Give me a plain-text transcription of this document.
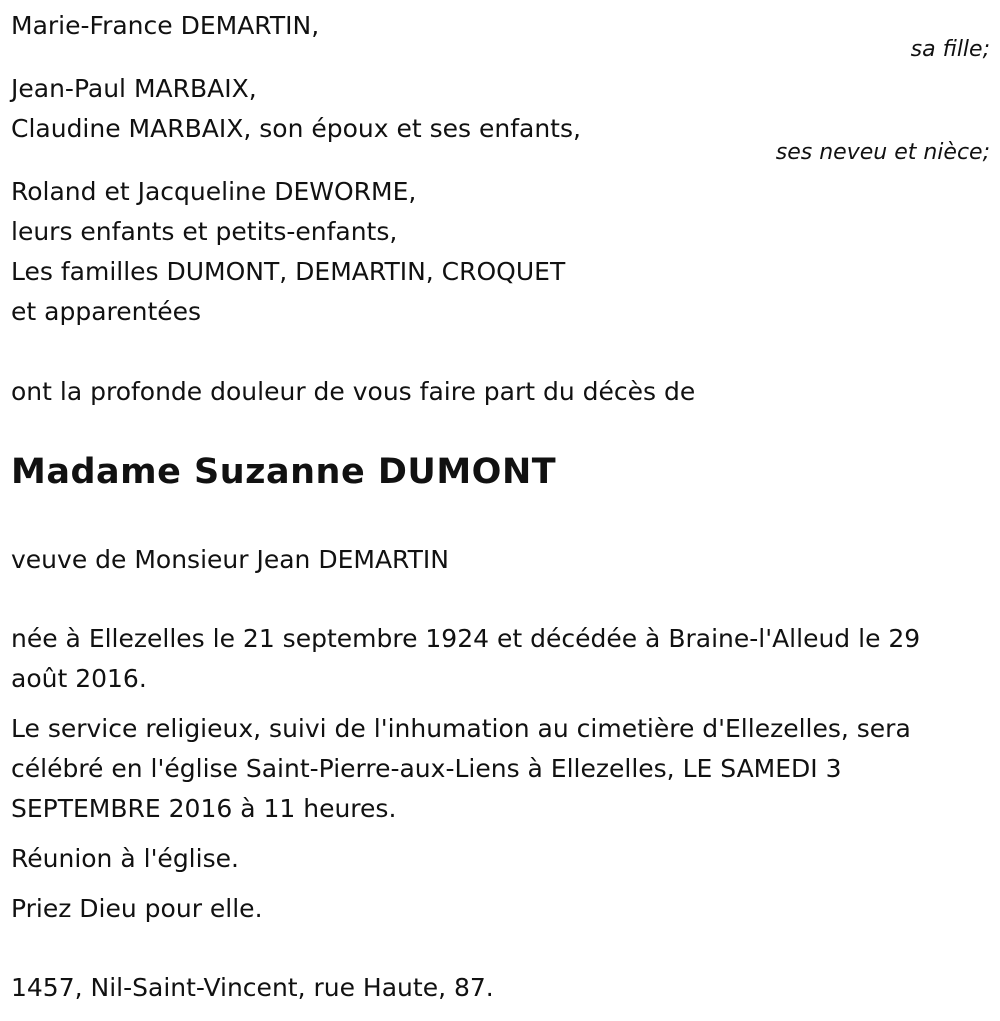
Marie-France DEMARTIN,
sa fille;
Jean-Paul MARBAIX,
Claudine MARBAIX, son époux et ses enfants,
ses neveu et nièce;
Roland et Jacqueline DEWORME,
leurs enfants et petits-enfants,
Les familles DUMONT, DEMARTIN, CROQUET
et apparentées
ont la profonde douleur de vous faire part du décès de
Madame Suzanne DUMONT
veuve de Monsieur Jean DEMARTIN
née à Ellezelles le 21 septembre 1924 et décédée à Braine-l'Alleud le 29
août 2016.
Le service religieux, suivi de l'inhumation au cimetière d'Ellezelles, sera
célébré en l'église Saint-Pierre-aux-Liens à Ellezelles, LE SAMEDI 3
SEPTEMBRE 2016 à 11 heures.
Réunion à l'église.
Priez Dieu pour elle.
1457, Nil-Saint-Vincent, rue Haute, 87.
